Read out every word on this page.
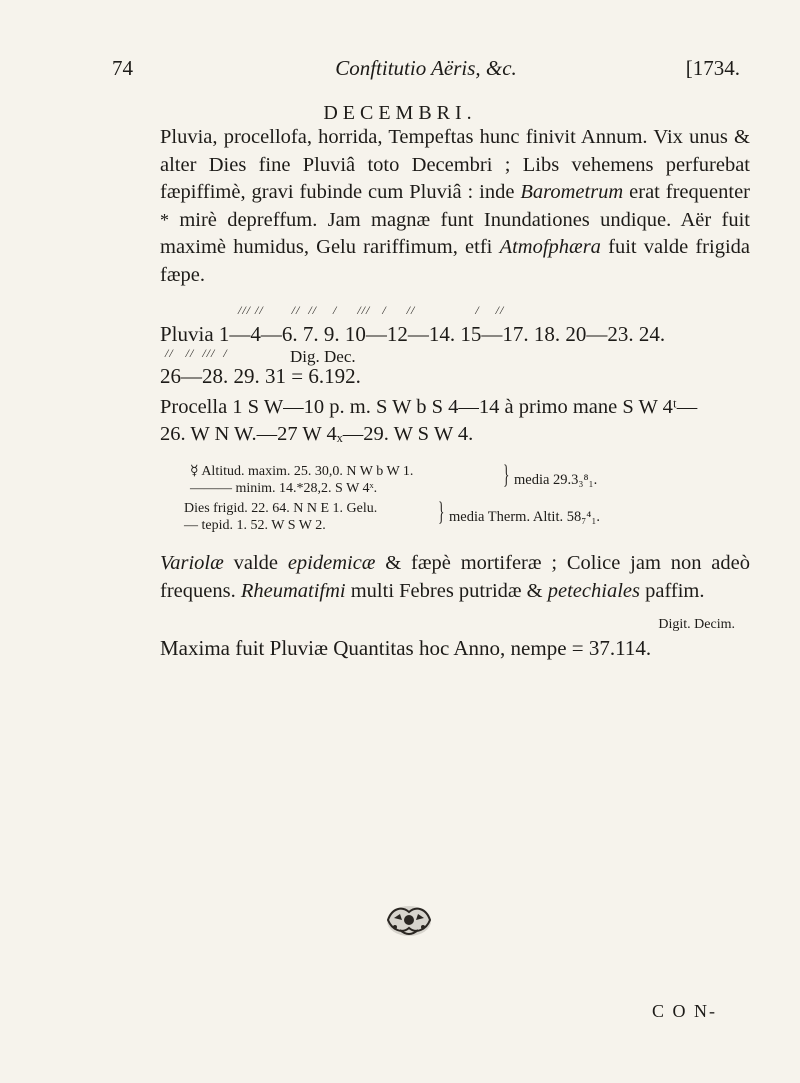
74	Conftitutio Aëris, &c.	[1734.
DECEMBRI.
Pluvia, procellofa, horrida, Tempeftas hunc finivit Annum. Vix unus & alter Dies fine Pluviâ toto Decembri ; Libs vehemens perfurebat fæpiffimè, gravi fubinde cum Pluviâ : inde Barometrum erat frequenter * mirè depreffum. Jam magnæ funt Inundationes undique. Aër fuit maximè humidus, Gelu rariffimum, etfi Atmofphæra fuit valde frigida fæpe.
/// //       //  //    /     ///   /     //               /    //
Pluvia 1—4—6. 7. 9. 10—12—14. 15—17. 18. 20—23. 24.
//   //  ///  /
26—28. 29. 31 = 6.192.
Dig. Dec.
Procella 1 S W—10 p. m. S W b S 4—14 à primo mane S W 4ᵗ—
26. W N W.—27 W 4ₓ—29. W S W 4.
☿ Altitud. maxim. 25. 30,0. N W b W 1.
——— minim. 14.*28,2. S W 4ˣ.	} media 29.3₃⁸₁.
Dies frigid. 22. 64. N N E 1. Gelu.
— tepid. 1. 52. W S W 2.	} media Therm. Altit. 58₇⁴₁.
Variolæ valde epidemicæ & fæpè mortiferæ ; Colice jam non adeò frequens. Rheumatifmi multi Febres putridæ & petechiales paffim.
Digit. Decim.
Maxima fuit Pluviæ Quantitas hoc Anno, nempe = 37.114.
C O N-
